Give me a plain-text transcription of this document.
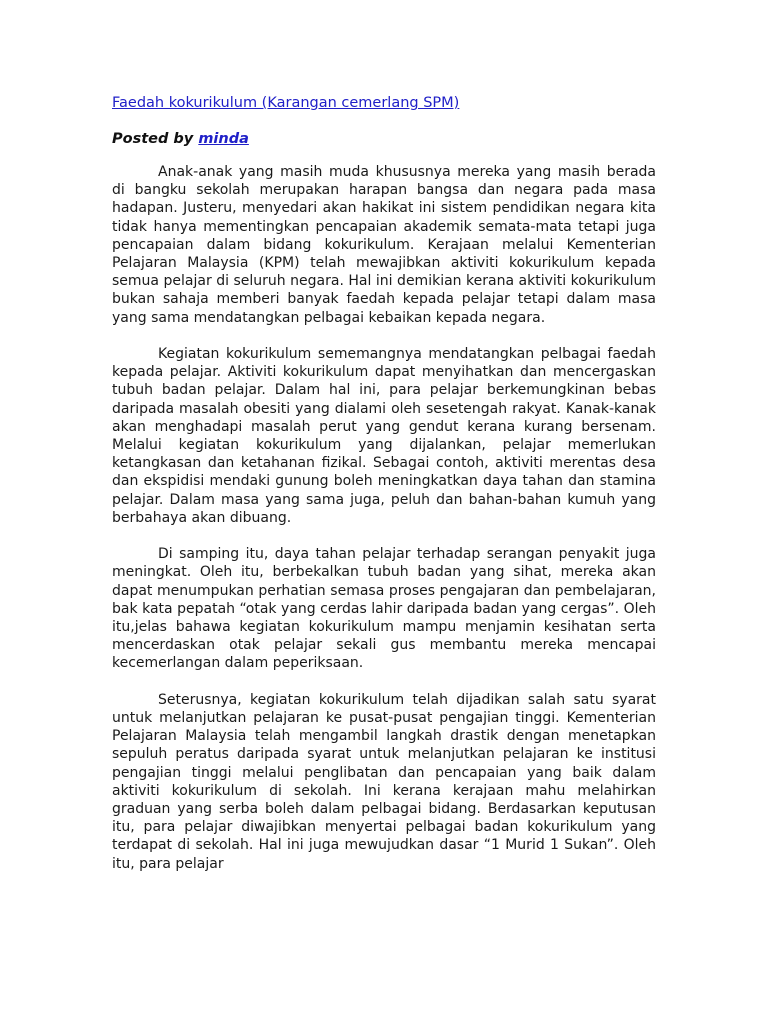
Faedah kokurikulum (Karangan cemerlang SPM)
Posted by minda

Anak-anak yang masih muda khususnya mereka yang masih berada di bangku sekolah merupakan harapan bangsa dan negara pada masa hadapan. Justeru, menyedari akan hakikat ini sistem pendidikan negara kita tidak hanya mementingkan pencapaian akademik semata-mata tetapi juga pencapaian dalam bidang kokurikulum. Kerajaan melalui Kementerian Pelajaran Malaysia (KPM) telah mewajibkan aktiviti kokurikulum kepada semua pelajar di seluruh negara. Hal ini demikian kerana aktiviti kokurikulum bukan sahaja memberi banyak faedah kepada pelajar tetapi dalam masa yang sama mendatangkan pelbagai kebaikan kepada negara.

Kegiatan kokurikulum sememangnya mendatangkan pelbagai faedah kepada pelajar. Aktiviti kokurikulum dapat menyihatkan dan mencergaskan tubuh badan pelajar. Dalam hal ini, para pelajar berkemungkinan bebas daripada masalah obesiti yang dialami oleh sesetengah rakyat. Kanak-kanak akan menghadapi masalah perut yang gendut kerana kurang bersenam. Melalui kegiatan kokurikulum yang dijalankan, pelajar memerlukan ketangkasan dan ketahanan fizikal. Sebagai contoh, aktiviti merentas desa dan ekspidisi mendaki gunung boleh meningkatkan daya tahan dan stamina pelajar. Dalam masa yang sama juga, peluh dan bahan-bahan kumuh yang berbahaya akan dibuang.

Di samping itu, daya tahan pelajar terhadap serangan penyakit juga meningkat. Oleh itu, berbekalkan tubuh badan yang sihat, mereka akan dapat menumpukan perhatian semasa proses pengajaran dan pembelajaran, bak kata pepatah “otak yang cerdas lahir daripada badan yang cergas”. Oleh itu,jelas bahawa kegiatan kokurikulum mampu menjamin kesihatan serta mencerdaskan otak pelajar sekali gus membantu mereka mencapai kecemerlangan dalam peperiksaan.

Seterusnya, kegiatan kokurikulum telah dijadikan salah satu syarat untuk melanjutkan pelajaran ke pusat-pusat pengajian tinggi. Kementerian Pelajaran Malaysia telah mengambil langkah drastik dengan menetapkan sepuluh peratus daripada syarat untuk melanjutkan pelajaran ke institusi pengajian tinggi melalui penglibatan dan pencapaian yang baik dalam aktiviti kokurikulum di sekolah. Ini kerana kerajaan mahu melahirkan graduan yang serba boleh dalam pelbagai bidang. Berdasarkan keputusan itu, para pelajar diwajibkan menyertai pelbagai badan kokurikulum yang terdapat di sekolah. Hal ini juga mewujudkan dasar “1 Murid 1 Sukan”. Oleh itu, para pelajar
